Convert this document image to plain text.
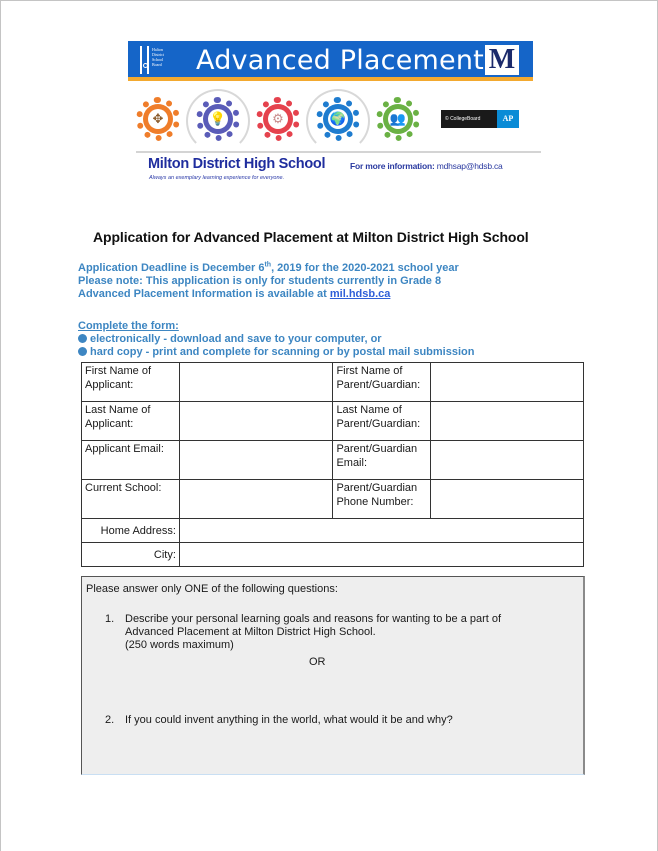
Halton
District
School
Board Advanced Placement M
✥	💡	⚙	🌍	👥	© CollegeBoard	AP
Milton District High School
Always an exemplary learning experience for everyone.
For more information: mdhsap@hdsb.ca
Application for Advanced Placement at Milton District High School
Application Deadline is December 6th, 2019 for the 2020-2021 school year
Please note: This application is only for students currently in Grade 8
Advanced Placement Information is available at mil.hdsb.ca
Complete the form:
electronically - download and save to your computer, or
hard copy - print and complete for scanning or by postal mail submission
First Name of Applicant:		First Name of Parent/Guardian:	

Last Name of Applicant:		Last Name of Parent/Guardian:	

Applicant Email:		Parent/Guardian Email:	

Current School:		Parent/Guardian Phone Number:	

Home Address:			

City:			
Please answer only ONE of the following questions:
1. Describe your personal learning goals and reasons for wanting to be a part of
Advanced Placement at Milton District High School.
(250 words maximum)
OR
2. If you could invent anything in the world, what would it be and why?
